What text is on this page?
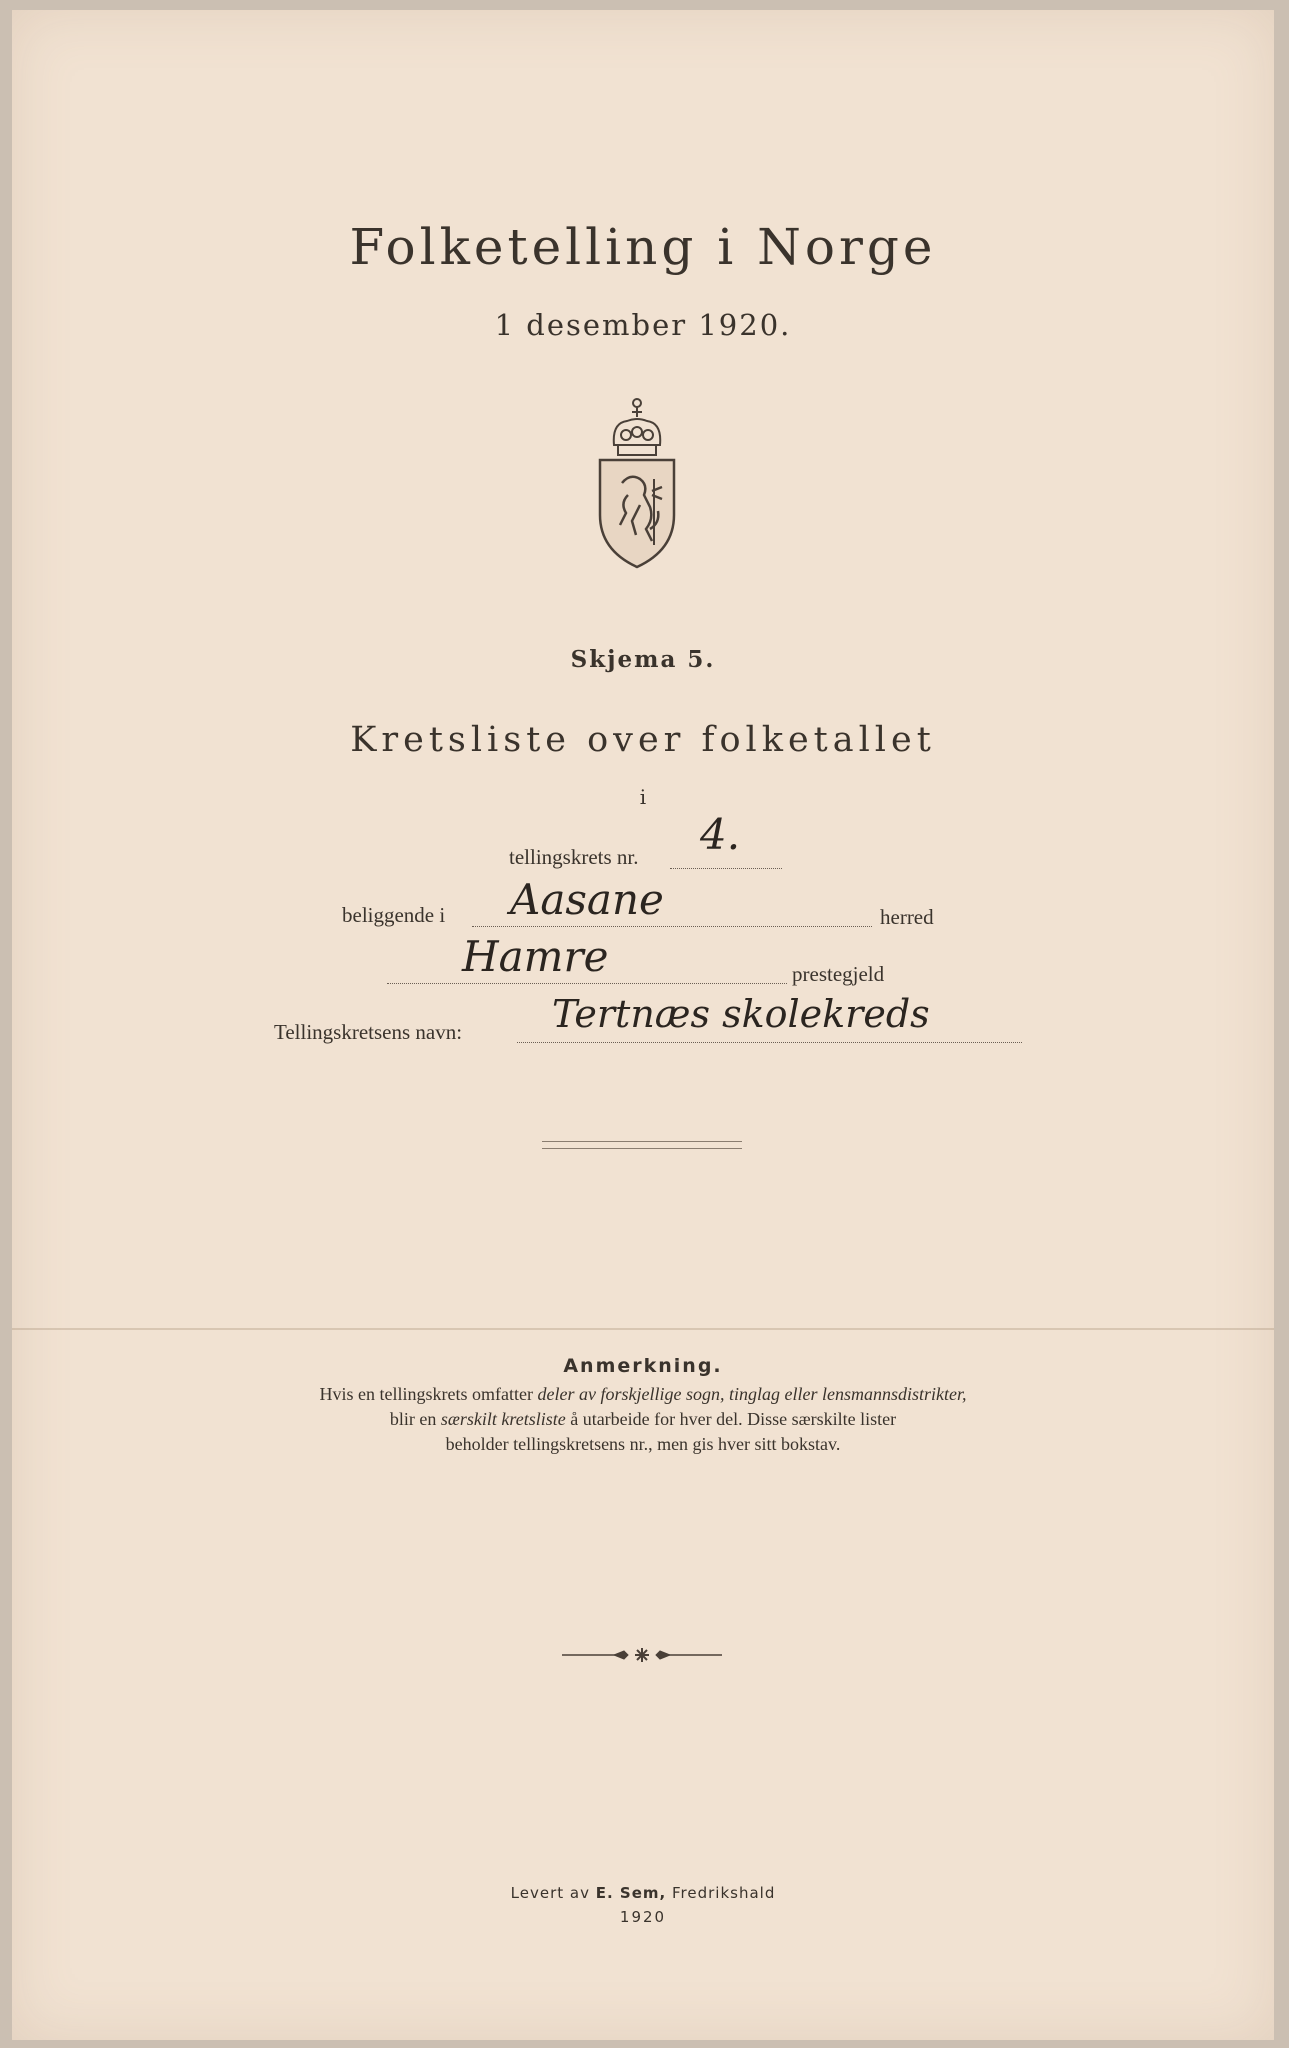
Folketelling i Norge
1 desember 1920.
Skjema 5.
Kretsliste over folketallet
i
tellingskrets nr. 4.
beliggende i Aasane	herred
Hamre	prestegjeld
Tellingskretsens navn: Tertnæs skolekreds
Anmerkning.
Hvis en tellingskrets omfatter deler av forskjellige sogn, tinglag eller lensmannsdistrikter,
blir en særskilt kretsliste å utarbeide for hver del. Disse særskilte lister
beholder tellingskretsens nr., men gis hver sitt bokstav.
Levert av E. Sem, Fredrikshald
1920
